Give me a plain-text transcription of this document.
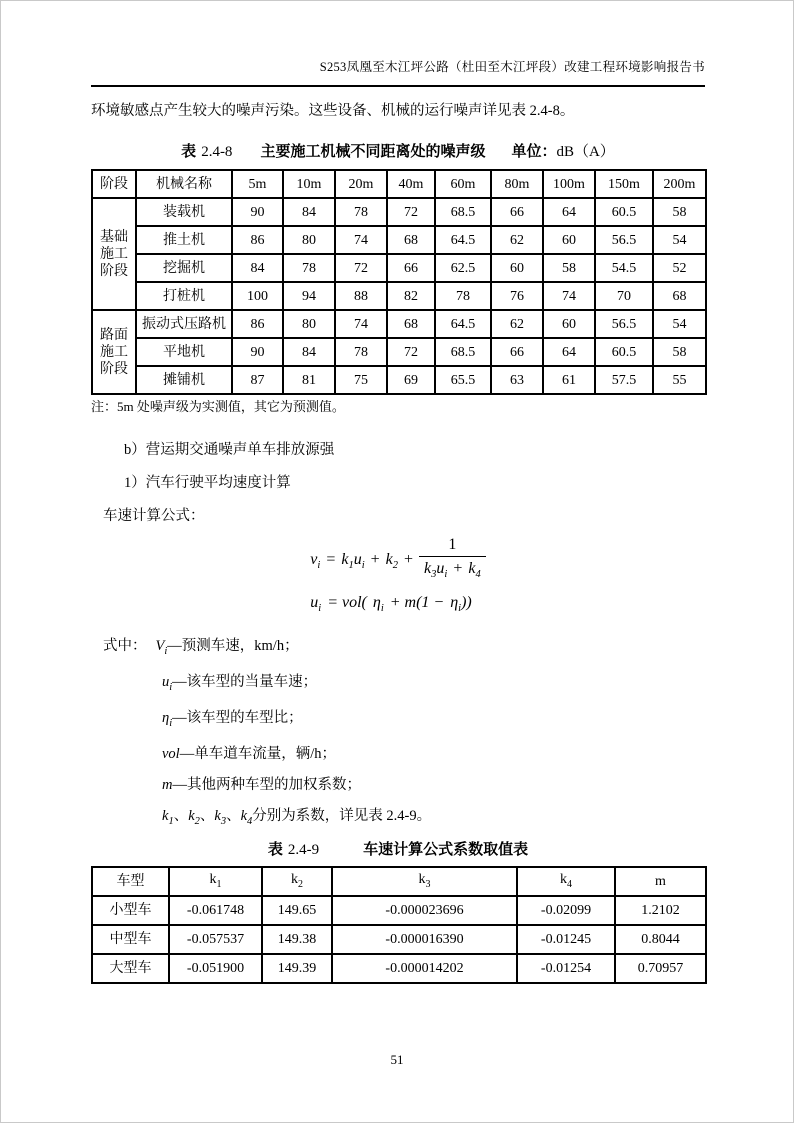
S253凤凰至木江坪公路（杜田至木江坪段）改建工程环境影响报告书

环境敏感点产生较大的噪声污染。这些设备、机械的运行噪声详见表 2.4-8。

表 2.4-8 主要施工机械不同距离处的噪声级 单位：dB（A）
阶段	机械名称	5m	10m	20m	40m	60m	80m	100m	150m	200m
基础施工阶段	装载机	90	84	78	72	68.5	66	64	60.5	58
	推土机	86	80	74	68	64.5	62	60	56.5	54
	挖掘机	84	78	72	66	62.5	60	58	54.5	52
	打桩机	100	94	88	82	78	76	74	70	68
路面施工阶段	振动式压路机	86	80	74	68	64.5	62	60	56.5	54
	平地机	90	84	78	72	68.5	66	64	60.5	58
	摊铺机	87	81	75	69	65.5	63	61	57.5	55
注：5m 处噪声级为实测值，其它为预测值。
b）营运期交通噪声单车排放源强
1）汽车行驶平均速度计算
车速计算公式：
$v_i = k_1u_i + k_2 + \frac{1}{k_3u_i + k_4}$
$u_i = vol$( $\eta_i + m(1 - \eta_i)$)
式中： $V_i—$预测车速，km/h；
$u_i—$该车型的当量车速；
$\eta_i—$该车型的车型比；
vol—单车道车流量，辆/h；
m—其他两种车型的加权系数；
$k_1$、$k_2$、$k_3$、$k_4$分别为系数，详见表 2.4-9。
表 2.4-9	车速计算公式系数取值表
车型	$k_1$	$k_2$	$k_3$	$k_4$	m
小型车	-0.061748	149.65	-0.000023696	-0.02099	1.2102
中型车	-0.057537	149.38	-0.000016390	-0.01245	0.8044
大型车	-0.051900	149.39	-0.000014202	-0.01254	0.70957
51
